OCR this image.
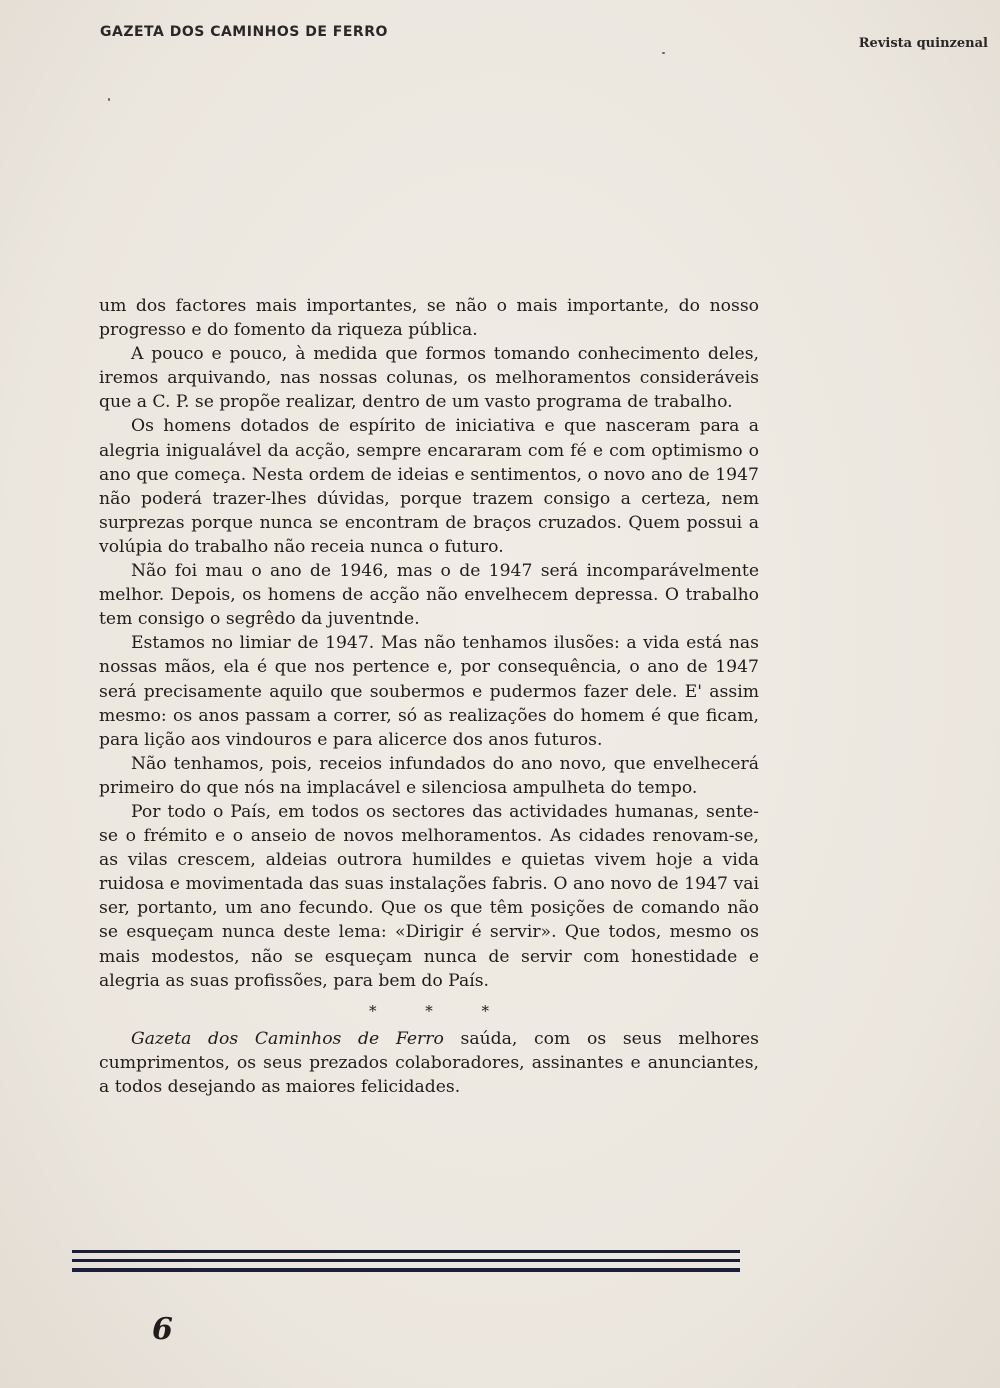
GAZETA DOS CAMINHOS DE FERRO
Revista quinzenal

um dos factores mais importantes, se não o mais importante, do nosso progresso e do fomento da riqueza pública.

A pouco e pouco, à medida que formos tomando conhecimento deles, iremos arquivando, nas nossas colunas, os melhoramentos consideráveis que a C. P. se propõe realizar, dentro de um vasto programa de trabalho.

Os homens dotados de espírito de iniciativa e que nasceram para a alegria inigualável da acção, sempre encararam com fé e com optimismo o ano que começa. Nesta ordem de ideias e sentimentos, o novo ano de 1947 não poderá trazer-lhes dúvidas, porque trazem consigo a certeza, nem surprezas porque nunca se encontram de braços cruzados. Quem possui a volúpia do trabalho não receia nunca o futuro.

Não foi mau o ano de 1946, mas o de 1947 será incomparávelmente melhor. Depois, os homens de acção não envelhecem depressa. O trabalho tem consigo o segrêdo da juventnde.

Estamos no limiar de 1947. Mas não tenhamos ilusões: a vida está nas nossas mãos, ela é que nos pertence e, por consequência, o ano de 1947 será precisamente aquilo que soubermos e pudermos fazer dele. E' assim mesmo: os anos passam a correr, só as realizações do homem é que ficam, para lição aos vindouros e para alicerce dos anos futuros.

Não tenhamos, pois, receios infundados do ano novo, que envelhecerá primeiro do que nós na implacável e silenciosa ampulheta do tempo.

Por todo o País, em todos os sectores das actividades humanas, sente-se o frémito e o anseio de novos melhoramentos. As cidades renovam-se, as vilas crescem, aldeias outrora humildes e quietas vivem hoje a vida ruidosa e movimentada das suas instalações fabris. O ano novo de 1947 vai ser, portanto, um ano fecundo. Que os que têm posições de comando não se esqueçam nunca deste lema: «Dirigir é servir». Que todos, mesmo os mais modestos, não se esqueçam nunca de servir com honestidade e alegria as suas profissões, para bem do País.

* * *

Gazeta dos Caminhos de Ferro saúda, com os seus melhores cumprimentos, os seus prezados colaboradores, assinantes e anunciantes, a todos desejando as maiores felicidades.

6
